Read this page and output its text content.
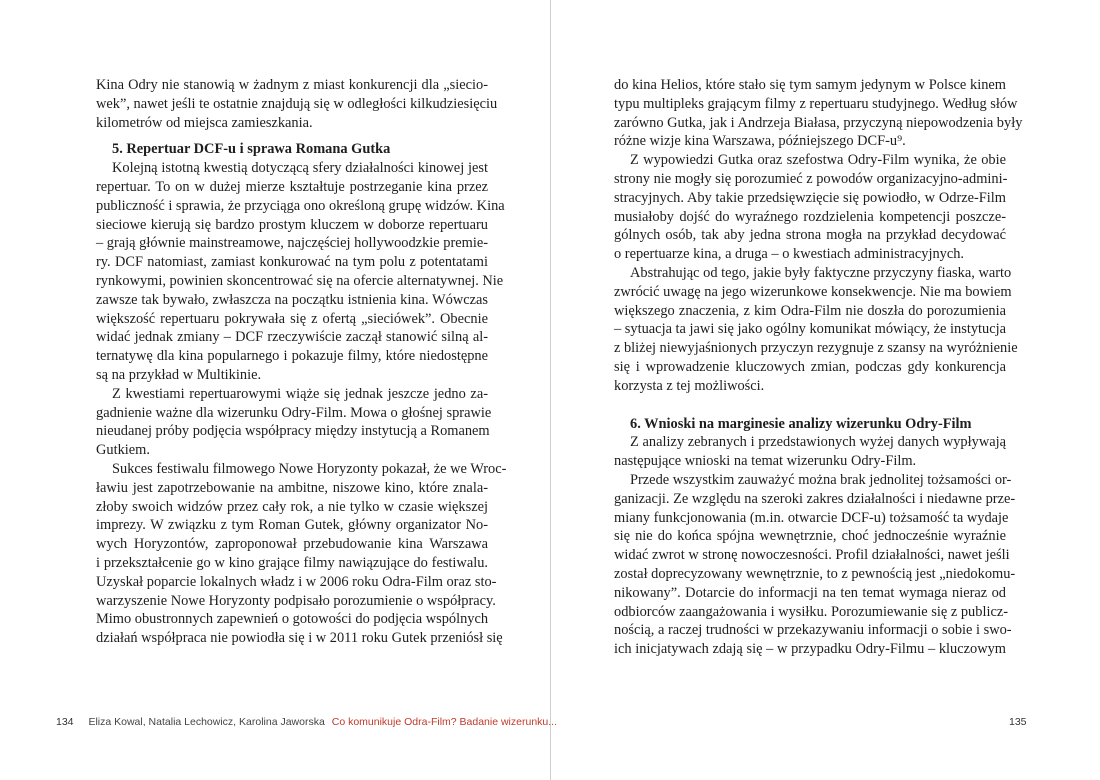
Kina Odry nie stanowią w żadnym z miast konkurencji dla „siecio-
wek”, nawet jeśli te ostatnie znajdują się w odległości kilkudziesięciu
kilometrów od miejsca zamieszkania.
5. Repertuar DCF-u i sprawa Romana Gutka
Kolejną istotną kwestią dotyczącą sfery działalności kinowej jest
repertuar. To on w dużej mierze kształtuje postrzeganie kina przez
publiczność i sprawia, że przyciąga ono określoną grupę widzów. Kina
sieciowe kierują się bardzo prostym kluczem w doborze repertuaru
– grają głównie mainstreamowe, najczęściej hollywoodzkie premie-
ry. DCF natomiast, zamiast konkurować na tym polu z potentatami
rynkowymi, powinien skoncentrować się na ofercie alternatywnej. Nie
zawsze tak bywało, zwłaszcza na początku istnienia kina. Wówczas
większość repertuaru pokrywała się z ofertą „sieciówek”. Obecnie
widać jednak zmiany – DCF rzeczywiście zaczął stanowić silną al-
ternatywę dla kina popularnego i pokazuje filmy, które niedostępne
są na przykład w Multikinie.
Z kwestiami repertuarowymi wiąże się jednak jeszcze jedno za-
gadnienie ważne dla wizerunku Odry-Film. Mowa o głośnej sprawie
nieudanej próby podjęcia współpracy między instytucją a Romanem
Gutkiem.
Sukces festiwalu filmowego Nowe Horyzonty pokazał, że we Wroc-
ławiu jest zapotrzebowanie na ambitne, niszowe kino, które znala-
złoby swoich widzów przez cały rok, a nie tylko w czasie większej
imprezy. W związku z tym Roman Gutek, główny organizator No-
wych Horyzontów, zaproponował przebudowanie kina Warszawa
i przekształcenie go w kino grające filmy nawiązujące do festiwalu.
Uzyskał poparcie lokalnych władz i w 2006 roku Odra-Film oraz sto-
warzyszenie Nowe Horyzonty podpisało porozumienie o współpracy.
Mimo obustronnych zapewnień o gotowości do podjęcia wspólnych
działań współpraca nie powiodła się i w 2011 roku Gutek przeniósł się
134 Eliza Kowal, Natalia Lechowicz, Karolina Jaworska Co komunikuje Odra-Film? Badanie wizerunku...
do kina Helios, które stało się tym samym jedynym w Polsce kinem
typu multipleks grającym filmy z repertuaru studyjnego. Według słów
zarówno Gutka, jak i Andrzeja Białasa, przyczyną niepowodzenia były
różne wizje kina Warszawa, późniejszego DCF-u⁹.
Z wypowiedzi Gutka oraz szefostwa Odry-Film wynika, że obie
strony nie mogły się porozumieć z powodów organizacyjno-admini-
stracyjnych. Aby takie przedsięwzięcie się powiodło, w Odrze-Film
musiałoby dojść do wyraźnego rozdzielenia kompetencji poszcze-
gólnych osób, tak aby jedna strona mogła na przykład decydować
o repertuarze kina, a druga – o kwestiach administracyjnych.
Abstrahując od tego, jakie były faktyczne przyczyny fiaska, warto
zwrócić uwagę na jego wizerunkowe konsekwencje. Nie ma bowiem
większego znaczenia, z kim Odra-Film nie doszła do porozumienia
– sytuacja ta jawi się jako ogólny komunikat mówiący, że instytucja
z bliżej niewyjaśnionych przyczyn rezygnuje z szansy na wyróżnienie
się i wprowadzenie kluczowych zmian, podczas gdy konkurencja
korzysta z tej możliwości.
6. Wnioski na marginesie analizy wizerunku Odry-Film
Z analizy zebranych i przedstawionych wyżej danych wypływają
następujące wnioski na temat wizerunku Odry-Film.
Przede wszystkim zauważyć można brak jednolitej tożsamości or-
ganizacji. Ze względu na szeroki zakres działalności i niedawne prze-
miany funkcjonowania (m.in. otwarcie DCF-u) tożsamość ta wydaje
się nie do końca spójna wewnętrznie, choć jednocześnie wyraźnie
widać zwrot w stronę nowoczesności. Profil działalności, nawet jeśli
został doprecyzowany wewnętrznie, to z pewnością jest „niedokomu-
nikowany”. Dotarcie do informacji na ten temat wymaga nieraz od
odbiorców zaangażowania i wysiłku. Porozumiewanie się z publicz-
nością, a raczej trudności w przekazywaniu informacji o sobie i swo-
ich inicjatywach zdają się – w przypadku Odry-Filmu – kluczowym
135
